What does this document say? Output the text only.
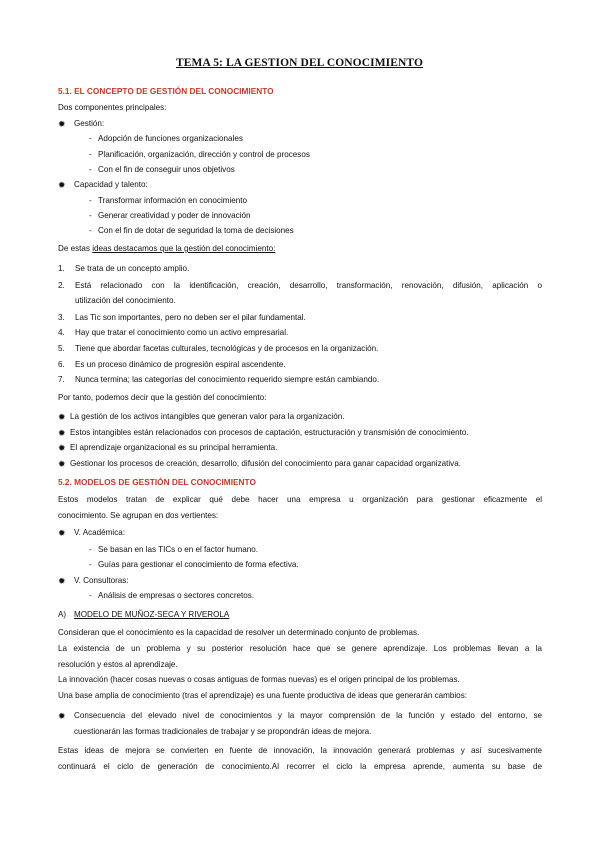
TEMA 5: LA GESTION DEL CONOCIMIENTO
5.1. EL CONCEPTO DE GESTIÓN DEL CONOCIMIENTO
Dos componentes principales:
✹ Gestión:
- Adopción de funciones organizacionales
- Planificación, organización, dirección y control de procesos
- Con el fin de conseguir unos objetivos
✹ Capacidad y talento:
- Transformar información en conocimiento
- Generar creatividad y poder de innovación
- Con el fin de dotar de seguridad la toma de decisiones
De estas ideas destacamos que la gestión del conocimiento:
1. Se trata de un concepto amplio.
2. Está relacionado con la identificación, creación, desarrollo, transformación, renovación, difusión, aplicación o
utilización del conocimiento.
3. Las Tic son importantes, pero no deben ser el pilar fundamental.
4. Hay que tratar el conocimiento como un activo empresarial.
5. Tiene que abordar facetas culturales, tecnológicas y de procesos en la organización.
6. Es un proceso dinámico de progresión espiral ascendente.
7. Nunca termina; las categorías del conocimiento requerido siempre están cambiando.
Por tanto, podemos decir que la gestión del conocimiento:
✹ La gestión de los activos intangibles que generan valor para la organización.
✹ Estos intangibles están relacionados con procesos de captación, estructuración y transmisión de conocimiento.
✹ El aprendizaje organizacional es su principal herramienta.
✹ Gestionar los procesos de creación, desarrollo, difusión del conocimiento para ganar capacidad organizativa.
5.2. MODELOS DE GESTIÓN DEL CONOCIMIENTO
Estos modelos tratan de explicar qué debe hacer una empresa u organización para gestionar eficazmente el
conocimiento. Se agrupan en dos vertientes:
✹ V. Académica:
- Se basan en las TICs o en el factor humano.
- Guías para gestionar el conocimiento de forma efectiva.
✹ V. Consultoras:
- Análisis de empresas o sectores concretos.
A) MODELO DE MUÑOZ-SECA Y RIVEROLA
Consideran que el conocimiento es la capacidad de resolver un determinado conjunto de problemas.
La existencia de un problema y su posterior resolución hace que se genere aprendizaje. Los problemas llevan a la
resolución y estos al aprendizaje.
La innovación (hacer cosas nuevas o cosas antiguas de formas nuevas) es el origen principal de los problemas.
Una base amplia de conocimiento (tras el aprendizaje) es una fuente productiva de ideas que generarán cambios:
✹ Consecuencia del elevado nivel de conocimientos y la mayor comprensión de la función y estado del entorno, se
cuestionarán las formas tradicionales de trabajar y se propondrán ideas de mejora.
Estas ideas de mejora se convierten en fuente de innovación, la innovación generará problemas y así sucesivamente
continuará el ciclo de generación de conocimiento.Al recorrer el ciclo la empresa aprende, aumenta su base de
